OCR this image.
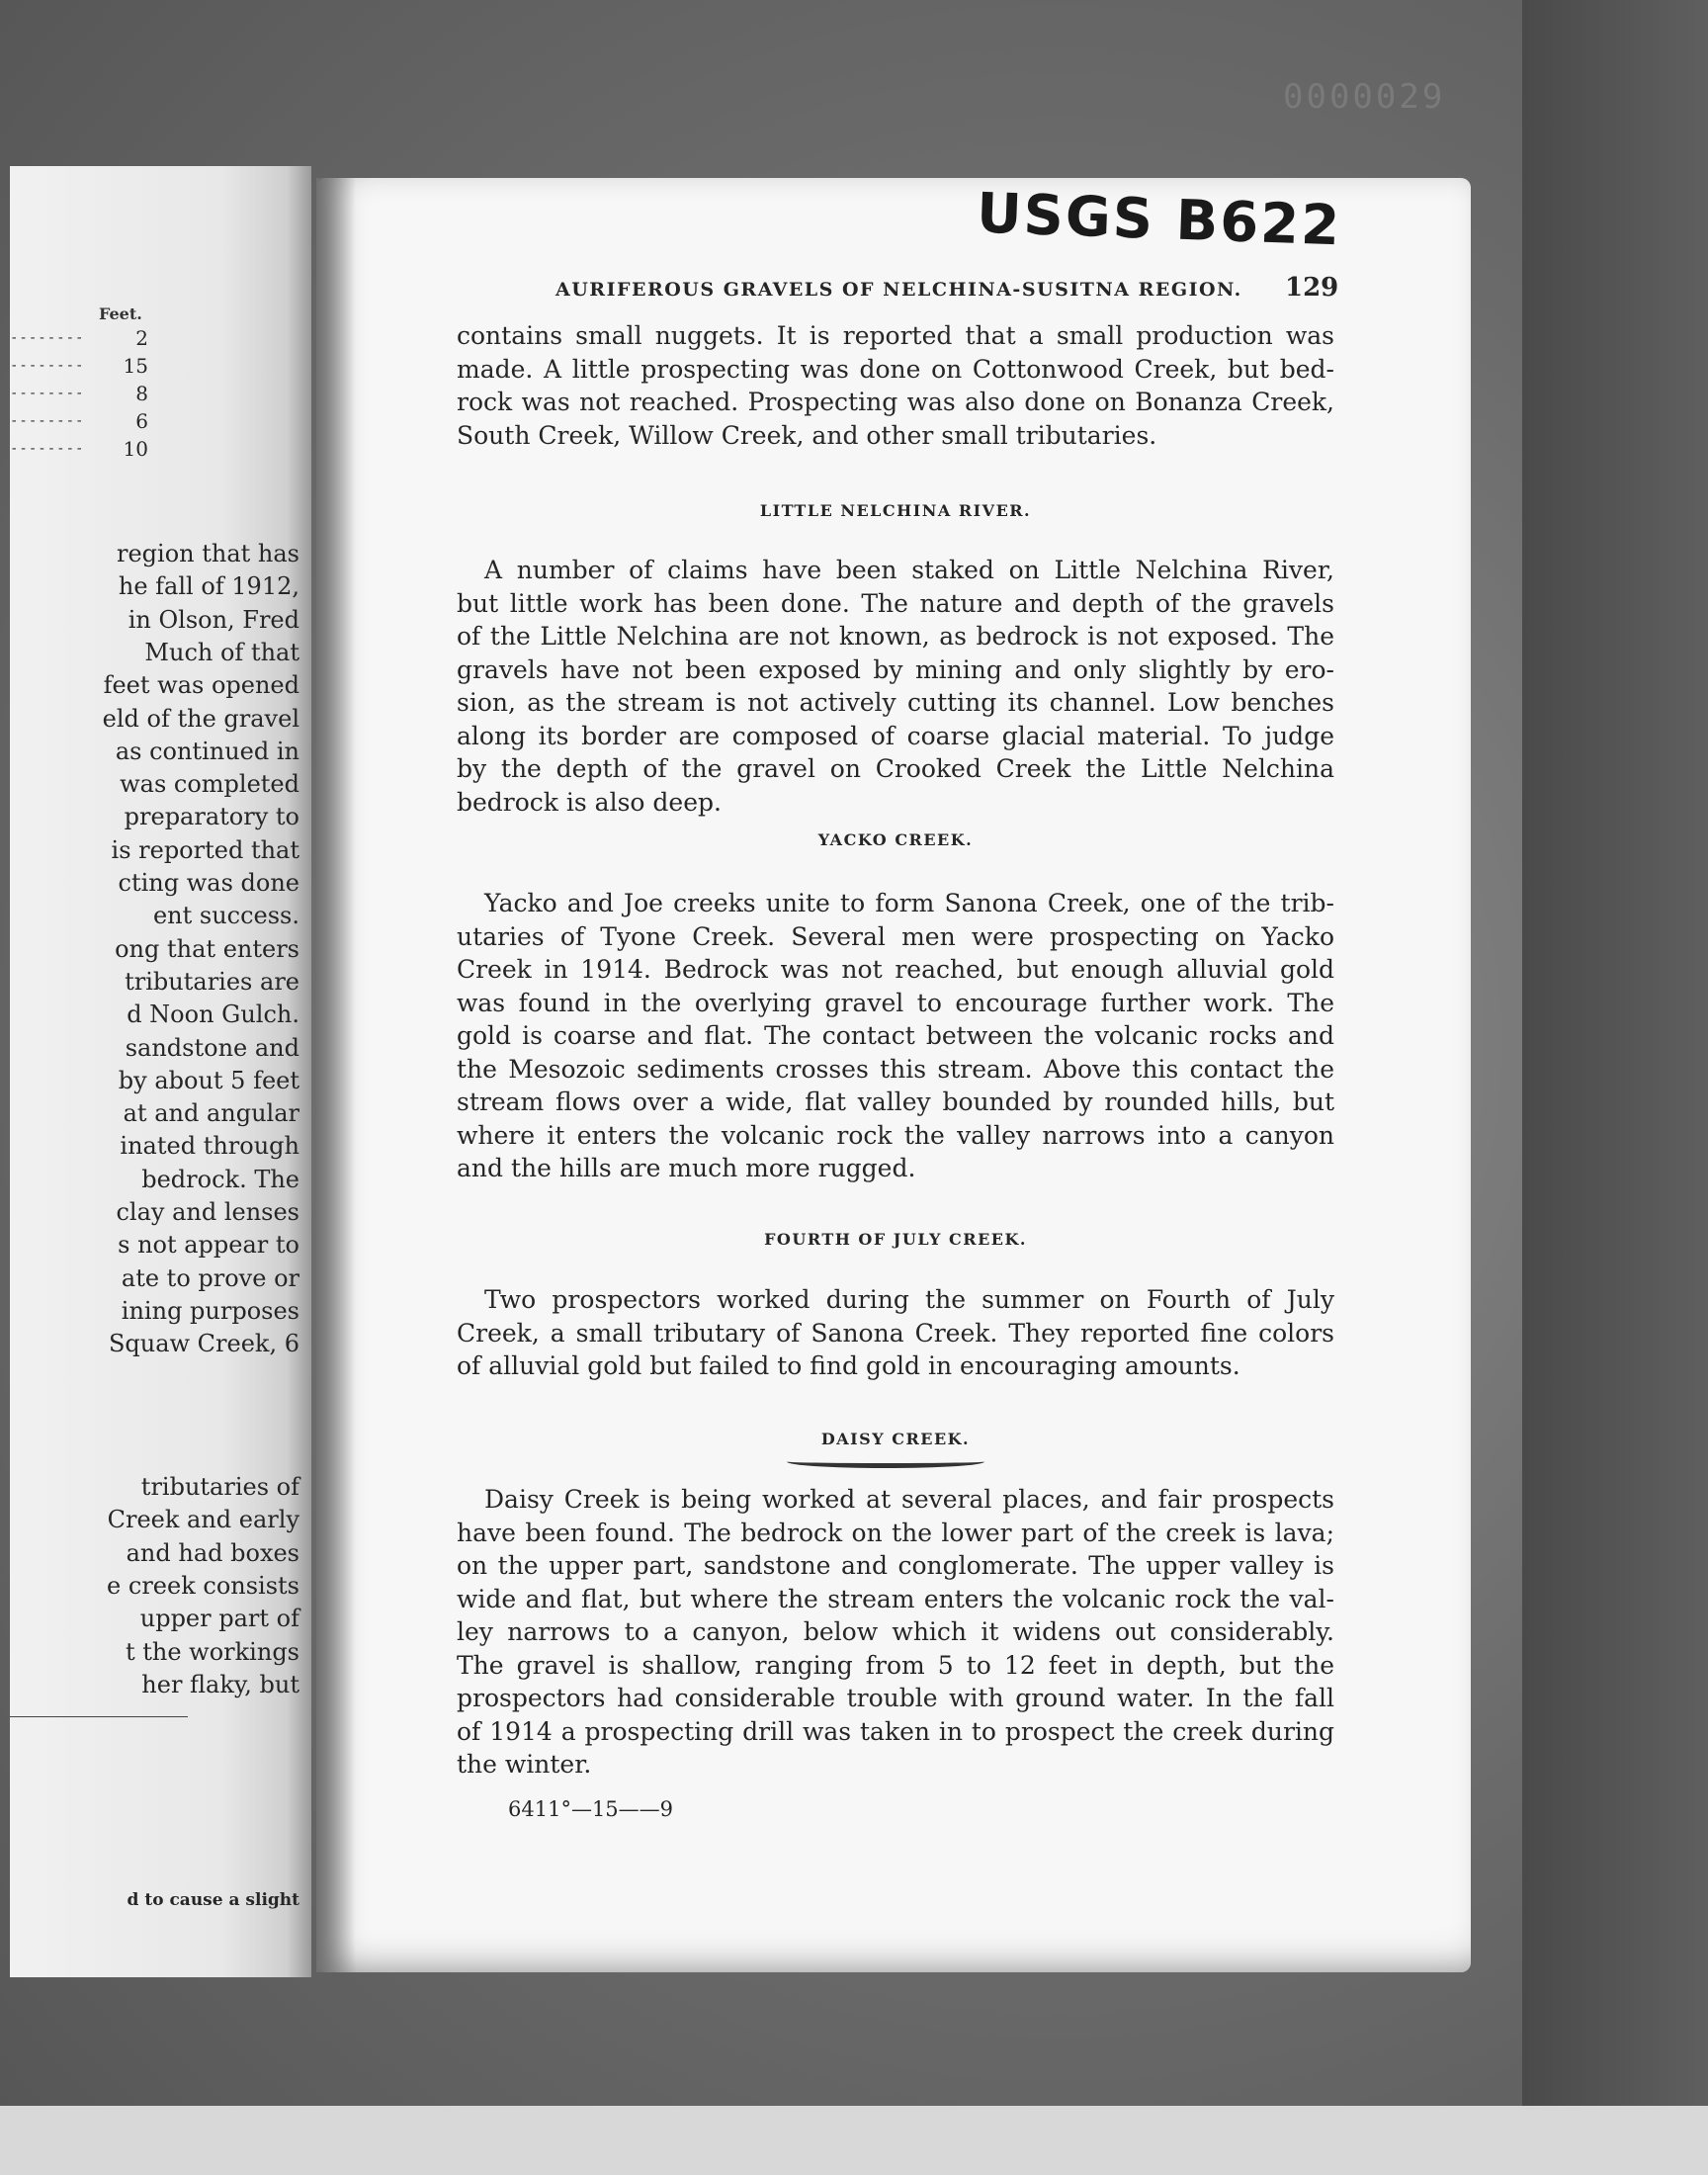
0000029
Feet.
--------	2
-------- 15
--------	8
--------	6
-------- 10
region that has
he fall of 1912,
in Olson, Fred
Much of that
feet was opened
eld of the gravel
as continued in
was completed
preparatory to
is reported that
cting was done
ent success.
ong that enters
tributaries are
d Noon Gulch.
sandstone and
by about 5 feet
at and angular
inated through
bedrock. The
clay and lenses
s not appear to
ate to prove or
ining purposes
Squaw Creek, 6
tributaries of
Creek and early
and had boxes
e creek consists
upper part of
t the workings
her flaky, but
d to cause a slight
USGS B622
AURIFEROUS GRAVELS OF NELCHINA-SUSITNA REGION. 129
contains small nuggets. It is reported that a small production was
made. A little prospecting was done on Cottonwood Creek, but bed-
rock was not reached. Prospecting was also done on Bonanza Creek,
South Creek, Willow Creek, and other small tributaries.
LITTLE NELCHINA RIVER.
A number of claims have been staked on Little Nelchina River,
but little work has been done. The nature and depth of the gravels
of the Little Nelchina are not known, as bedrock is not exposed. The
gravels have not been exposed by mining and only slightly by ero-
sion, as the stream is not actively cutting its channel. Low benches
along its border are composed of coarse glacial material. To judge
by the depth of the gravel on Crooked Creek the Little Nelchina
bedrock is also deep.
YACKO CREEK.
Yacko and Joe creeks unite to form Sanona Creek, one of the trib-
utaries of Tyone Creek. Several men were prospecting on Yacko
Creek in 1914. Bedrock was not reached, but enough alluvial gold
was found in the overlying gravel to encourage further work. The
gold is coarse and flat. The contact between the volcanic rocks and
the Mesozoic sediments crosses this stream. Above this contact the
stream flows over a wide, flat valley bounded by rounded hills, but
where it enters the volcanic rock the valley narrows into a canyon
and the hills are much more rugged.
FOURTH OF JULY CREEK.
Two prospectors worked during the summer on Fourth of July
Creek, a small tributary of Sanona Creek. They reported fine colors
of alluvial gold but failed to find gold in encouraging amounts.
DAISY CREEK.
Daisy Creek is being worked at several places, and fair prospects
have been found. The bedrock on the lower part of the creek is lava;
on the upper part, sandstone and conglomerate. The upper valley is
wide and flat, but where the stream enters the volcanic rock the val-
ley narrows to a canyon, below which it widens out considerably.
The gravel is shallow, ranging from 5 to 12 feet in depth, but the
prospectors had considerable trouble with ground water. In the fall
of 1914 a prospecting drill was taken in to prospect the creek during
the winter.
6411°—15——9
